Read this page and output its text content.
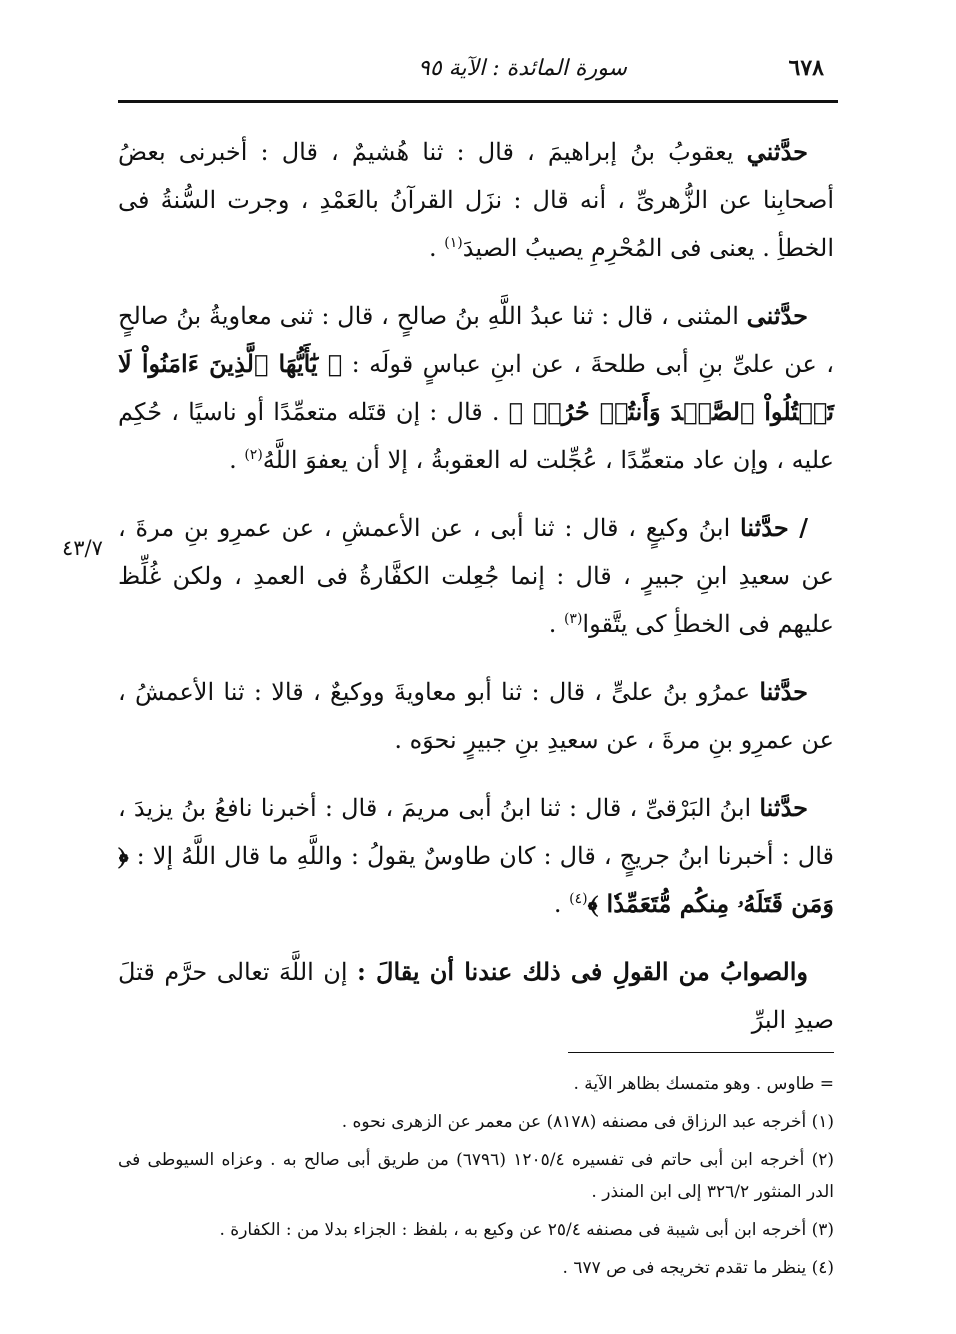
٦٧٨
سورة المائدة : الآية ٩٥

حدَّثني يعقوبُ بنُ إبراهيمَ ، قال : ثنا هُشيمٌ ، قال : أخبرنى بعضُ أصحابِنا عن الزُّهرىِّ ، أنه قال : نزَل القرآنُ بالعَمْدِ ، وجرت السُّنةُ فى الخطأِ . يعنى فى المُحْرِمِ يصيبُ الصيدَ$^{(١)}$ .

حدَّثنى المثنى ، قال : ثنا عبدُ اللَّهِ بنُ صالحٍ ، قال : ثنى معاويةُ بنُ صالحٍ ، عن علىِّ بنِ أبى طلحةَ ، عن ابنِ عباسٍ قولَه : ﴿ يَٰٓأَيُّهَا ٱلَّذِينَ ءَامَنُواْ لَا تَقۡتُلُواْ ٱلصَّيۡدَ وَأَنتُمۡ حُرُمٞ ﴾ . قال : إن قتَله متعمِّدًا أو ناسيًا ، حُكِم عليه ، وإن عاد متعمِّدًا ، عُجِّلت له العقوبةُ ، إلا أن يعفوَ اللَّهُ$^{(٢)}$ .

/ حدَّثنا ابنُ وكيعٍ ، قال : ثنا أبى ، عن الأعمشِ ، عن عمرِو بنِ مرةَ ، عن سعيدِ ابنِ جبيرٍ ، قال : إنما جُعِلت الكفَّارةُ فى العمدِ ، ولكن غُلِّظ عليهم فى الخطأِ كى يتَّقوا$^{(٣)}$ .

حدَّثنا عمرُو بنُ علىٍّ ، قال : ثنا أبو معاويةَ ووكيعٌ ، قالا : ثنا الأعمشُ ، عن عمرِو بنِ مرةَ ، عن سعيدِ بنِ جبيرٍ نحوَه .

حدَّثنا ابنُ البَرْقىِّ ، قال : ثنا ابنُ أبى مريمَ ، قال : أخبرنا نافعُ بنُ يزيدَ ، قال : أخبرنا ابنُ جريجٍ ، قال : كان طاوسٌ يقولُ : واللَّهِ ما قال اللَّهُ إلا : ﴿ وَمَن قَتَلَهُۥ مِنكُم مُّتَعَمِّدٗا ﴾$^{(٤)}$ .

والصوابُ من القولِ فى ذلك عندنا أن يقالَ : إن اللَّهَ تعالى حرَّم قتلَ صيدِ البرِّ

٤٣/٧

= طاوس . وهو متمسك بظاهر الآية .

(١) أخرجه عبد الرزاق فى مصنفه (٨١٧٨) عن معمر عن الزهرى نحوه .

(٢) أخرجه ابن أبى حاتم فى تفسيره ١٢٠٥/٤ (٦٧٩٦) من طريق أبى صالح به . وعزاه السيوطى فى الدر المنثور ٣٢٦/٢ إلى ابن المنذر .

(٣) أخرجه ابن أبى شيبة فى مصنفه ٢٥/٤ عن وكيع به ، بلفظ : الجزاء بدلا من : الكفارة .

(٤) ينظر ما تقدم تخريجه فى ص ٦٧٧ .
